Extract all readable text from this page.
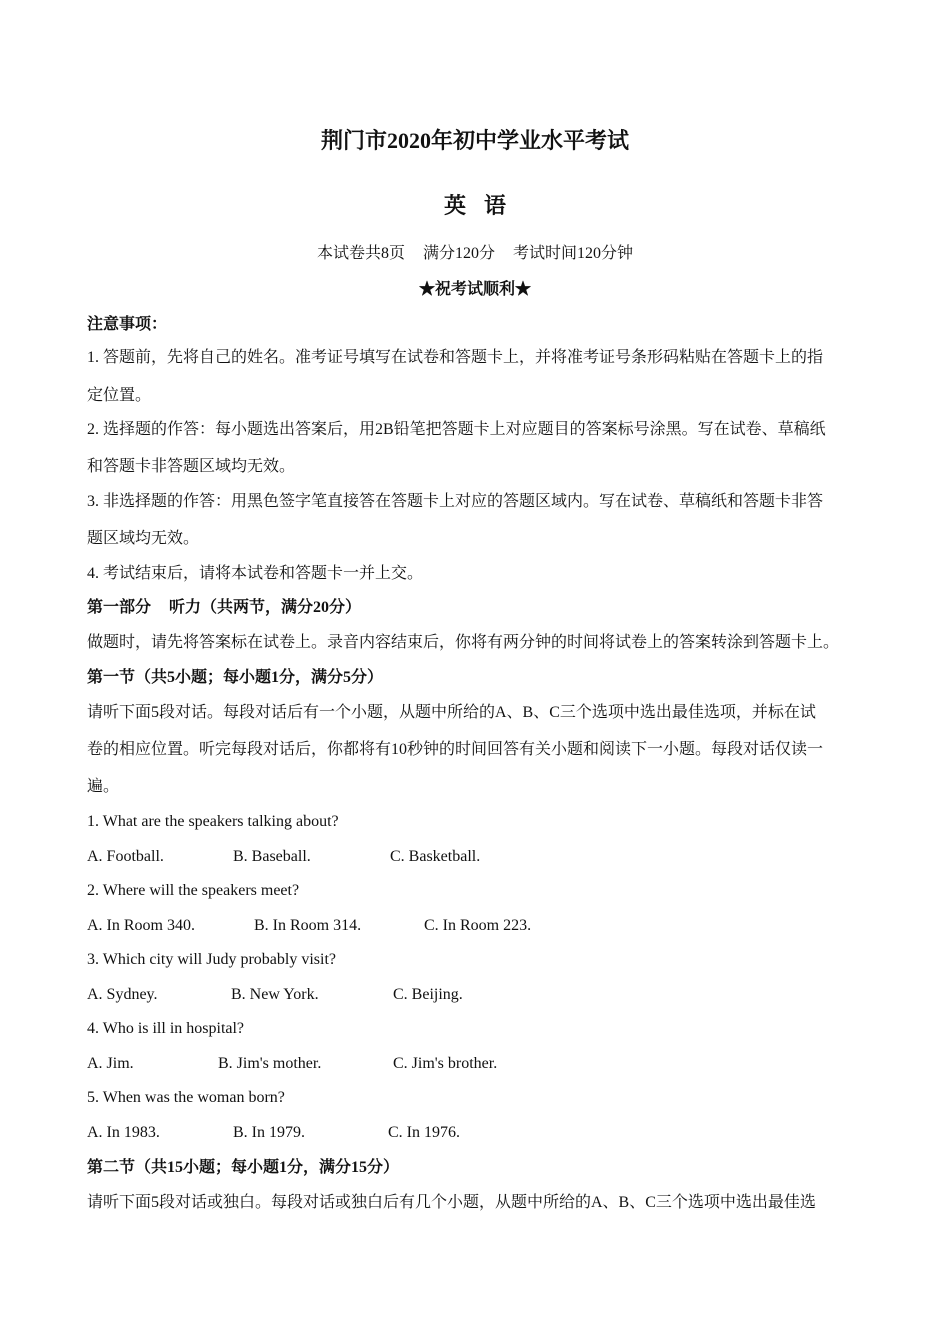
荆门市2020年初中学业水平考试
英语
本试卷共8页 满分120分 考试时间120分钟
★祝考试顺利★
注意事项：
1. 答题前，先将自己的姓名。准考证号填写在试卷和答题卡上，并将准考证号条形码粘贴在答题卡上的指
定位置。
2. 选择题的作答：每小题选出答案后，用2B铅笔把答题卡上对应题目的答案标号涂黑。写在试卷、草稿纸
和答题卡非答题区域均无效。
3. 非选择题的作答：用黑色签字笔直接答在答题卡上对应的答题区域内。写在试卷、草稿纸和答题卡非答
题区域均无效。
4. 考试结束后，请将本试卷和答题卡一并上交。
第一部分 听力（共两节，满分20分）
做题时，请先将答案标在试卷上。录音内容结束后，你将有两分钟的时间将试卷上的答案转涂到答题卡上。
第一节（共5小题；每小题1分，满分5分）
请听下面5段对话。每段对话后有一个小题，从题中所给的A、B、C三个选项中选出最佳选项，并标在试
卷的相应位置。听完每段对话后，你都将有10秒钟的时间回答有关小题和阅读下一小题。每段对话仅读一
遍。
1. What are the speakers talking about?
A. Football.	B. Baseball.	C. Basketball.
2. Where will the speakers meet?
A. In Room 340.	B. In Room 314.	C. In Room 223.
3. Which city will Judy probably visit?
A. Sydney.	B. New York.	C. Beijing.
4. Who is ill in hospital?
A. Jim.	B. Jim's mother.	C. Jim's brother.
5. When was the woman born?
A. In 1983.	B. In 1979.	C. In 1976.
第二节（共15小题；每小题1分，满分15分）
请听下面5段对话或独白。每段对话或独白后有几个小题，从题中所给的A、B、C三个选项中选出最佳选
